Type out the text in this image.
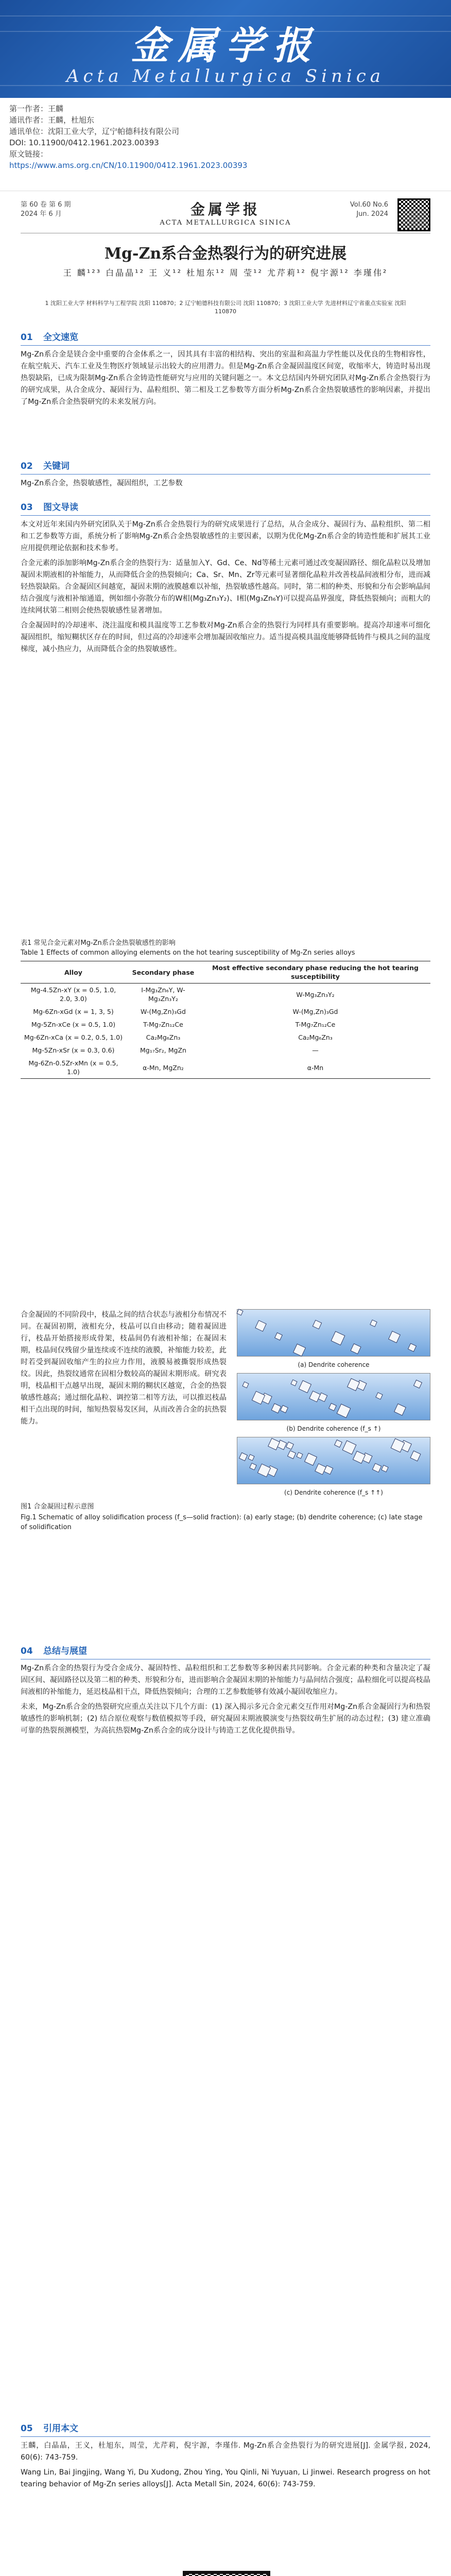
金属学报
Acta Metallurgica Sinica
第一作者：王麟
通讯作者：王麟，杜旭东
通讯单位：沈阳工业大学，辽宁帕德科技有限公司
DOI: 10.11900/0412.1961.2023.00393
原文链接：
https://www.ams.org.cn/CN/10.11900/0412.1961.2023.00393
第 60 卷 第 6 期
2024 年 6 月	金属学报
ACTA METALLURGICA SINICA
Vol.60 No.6
Jun. 2024
Mg-Zn系合金热裂行为的研究进展
王 麟¹²³ 白晶晶¹² 王 义¹² 杜旭东¹² 周 莹¹² 尤芹莉¹² 倪宇源¹² 李瑾伟²
1 沈阳工业大学 材料科学与工程学院 沈阳 110870；2 辽宁帕德科技有限公司 沈阳 110870；3 沈阳工业大学 先进材料辽宁省重点实验室 沈阳 110870
01 全文速览
Mg-Zn系合金是镁合金中重要的合金体系之一，因其具有丰富的相结构、突出的室温和高温力学性能以及优良的生物相容性，在航空航天、汽车工业及生物医疗领域显示出较大的应用潜力。但是Mg-Zn系合金凝固温度区间宽，收缩率大，铸造时易出现热裂缺陷，已成为限制Mg-Zn系合金铸造性能研究与应用的关键问题之一。本文总结国内外研究团队对Mg-Zn系合金热裂行为的研究成果，从合金成分、凝固行为、晶粒组织、第二相及工艺参数等方面分析Mg-Zn系合金热裂敏感性的影响因素，并提出了Mg-Zn系合金热裂研究的未来发展方向。
02 关键词
Mg-Zn系合金，热裂敏感性，凝固组织，工艺参数
03 图文导读
本文对近年来国内外研究团队关于Mg-Zn系合金热裂行为的研究成果进行了总结，从合金成分、凝固行为、晶粒组织、第二相和工艺参数等方面，系统分析了影响Mg-Zn系合金热裂敏感性的主要因素，以期为优化Mg-Zn系合金的铸造性能和扩展其工业应用提供理论依据和技术参考。
合金元素的添加影响Mg-Zn系合金的热裂行为：适量加入Y、Gd、Ce、Nd等稀土元素可通过改变凝固路径、细化晶粒以及增加凝固末期液相的补缩能力，从而降低合金的热裂倾向；Ca、Sr、Mn、Zr等元素可显著细化晶粒并改善枝晶间液相分布，进而减轻热裂缺陷。合金凝固区间越宽，凝固末期的液膜越难以补缩，热裂敏感性越高。同时，第二相的种类、形貌和分布会影响晶间结合强度与液相补缩通道，例如细小弥散分布的W相(Mg₃Zn₃Y₂)、I相(Mg₃Zn₆Y)可以提高晶界强度，降低热裂倾向；而粗大的连续网状第二相则会使热裂敏感性显著增加。
合金凝固时的冷却速率、浇注温度和模具温度等工艺参数对Mg-Zn系合金的热裂行为同样具有重要影响。提高冷却速率可细化凝固组织，缩短糊状区存在的时间，但过高的冷却速率会增加凝固收缩应力。适当提高模具温度能够降低铸件与模具之间的温度梯度，减小热应力，从而降低合金的热裂敏感性。
表1 常见合金元素对Mg-Zn系合金热裂敏感性的影响
Table 1 Effects of common alloying elements on the hot tearing susceptibility of Mg-Zn series alloys
Alloy	Secondary phase	Most effective secondary phase reducing the hot tearing susceptibility
Mg-4.5Zn-xY (x = 0.5, 1.0, 2.0, 3.0)	I-Mg₃Zn₆Y, W-Mg₃Zn₃Y₂	W-Mg₃Zn₃Y₂
Mg-6Zn-xGd (x = 1, 3, 5)	W-(Mg,Zn)₃Gd	W-(Mg,Zn)₃Gd
Mg-5Zn-xCe (x = 0.5, 1.0)	T-Mg₇Zn₁₂Ce	T-Mg₇Zn₁₂Ce
Mg-6Zn-xCa (x = 0.2, 0.5, 1.0)	Ca₂Mg₆Zn₃	Ca₂Mg₆Zn₃
Mg-5Zn-xSr (x = 0.3, 0.6)	Mg₁₇Sr₂, MgZn	—
Mg-6Zn-0.5Zr-xMn (x = 0.5, 1.0)	α-Mn, MgZn₂	α-Mn
合金凝固的不同阶段中，枝晶之间的结合状态与液相分布情况不同。在凝固初期，液相充分，枝晶可以自由移动；随着凝固进行，枝晶开始搭接形成骨架，枝晶间仍有液相补缩；在凝固末期，枝晶间仅残留少量连续或不连续的液膜，补缩能力较差，此时若受到凝固收缩产生的拉应力作用，液膜易被撕裂形成热裂纹。因此，热裂纹通常在固相分数较高的凝固末期形成。研究表明，枝晶相干点越早出现，凝固末期的糊状区越宽，合金的热裂敏感性越高；通过细化晶粒、调控第二相等方法，可以推迟枝晶相干点出现的时间，缩短热裂易发区间，从而改善合金的抗热裂能力。
(a) Dendrite coherence
(b) Dendrite coherence (f_s ↑)
(c) Dendrite coherence (f_s ↑↑)
图1 合金凝固过程示意图
Fig.1 Schematic of alloy solidification process (f_s—solid fraction): (a) early stage; (b) dendrite coherence; (c) late stage of solidification
04 总结与展望
Mg-Zn系合金的热裂行为受合金成分、凝固特性、晶粒组织和工艺参数等多种因素共同影响。合金元素的种类和含量决定了凝固区间、凝固路径以及第二相的种类、形貌和分布，进而影响合金凝固末期的补缩能力与晶间结合强度；晶粒细化可以提高枝晶间液相的补缩能力，延迟枝晶相干点，降低热裂倾向；合理的工艺参数能够有效减小凝固收缩应力。
未来，Mg-Zn系合金的热裂研究应重点关注以下几个方面：(1) 深入揭示多元合金元素交互作用对Mg-Zn系合金凝固行为和热裂敏感性的影响机制；(2) 结合原位观察与数值模拟等手段，研究凝固末期液膜演变与热裂纹萌生扩展的动态过程；(3) 建立准确可靠的热裂预测模型，为高抗热裂Mg-Zn系合金的成分设计与铸造工艺优化提供指导。
05 引用本文
王麟，白晶晶，王义，杜旭东，周莹，尤芹莉，倪宇源，李瑾伟. Mg-Zn系合金热裂行为的研究进展[J]. 金属学报, 2024, 60(6): 743-759.
Wang Lin, Bai Jingjing, Wang Yi, Du Xudong, Zhou Ying, You Qinli, Ni Yuyuan, Li Jinwei. Research progress on hot tearing behavior of Mg-Zn series alloys[J]. Acta Metall Sin, 2024, 60(6): 743-759.
